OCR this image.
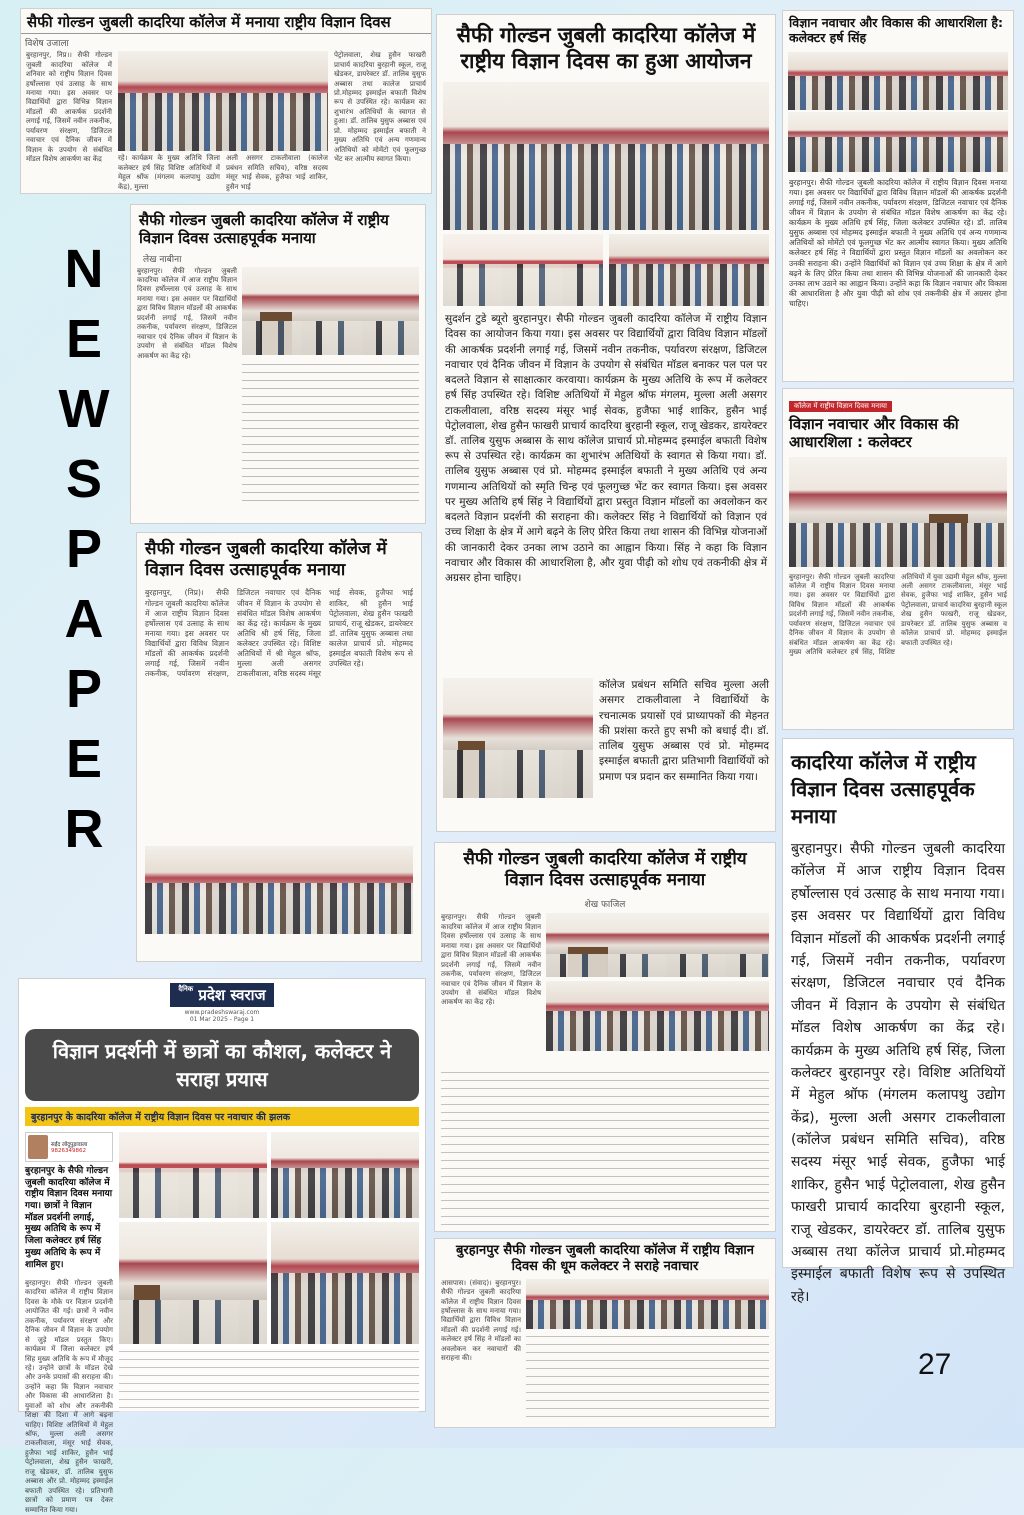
N
E
W
S
P
A
P
E
R
सैफी गोल्डन जुबली कादरिया कॉलेज में मनाया राष्ट्रीय विज्ञान दिवस
विशेष उजाला
बुरहानपुर, निप्र।। सैफी गोल्डन जुबली कादरिया कॉलेज में शनिवार को राष्ट्रीय विज्ञान दिवस हर्षोल्लास एवं उत्साह के साथ मनाया गया। इस अवसर पर विद्यार्थियों द्वारा विभिन्न विज्ञान मॉडलों की आकर्षक प्रदर्शनी लगाई गई, जिसमें नवीन तकनीक, पर्यावरण संरक्षण, डिजिटल नवाचार एवं दैनिक जीवन में विज्ञान के उपयोग से संबंधित मॉडल विशेष आकर्षण का केंद्र	रहे। कार्यक्रम के मुख्य अतिथि जिला कलेक्टर हर्ष सिंह विशिष्ट अतिथियों में मेहुल श्रॉफ (मंगलम कलपाथु उद्योग केंद्र), मुल्ला
अली असगर टाकलीवाला (कालेज प्रबंधन समिति सचिव), वरिष्ठ सदस्य मंसूर भाई सेवक, हुजैफा भाई शाकिर, हुसैन भाई
पेट्रोलवाला, शेख हुसैन फाखरी प्राचार्य कादरिया बुरहानी स्कूल, राजू खेडकर, डायरेक्टर डॉ. तालिब युसुफ अब्बास तथा कालेज प्राचार्य प्रो.मोहम्मद इस्माईल बफाती विशेष रूप से उपस्थित रहे। कार्यक्रम का शुभारंभ अतिथियों के स्वागत से हुआ। डॉ. तालिब युसुफ अब्बास एवं प्रो. मोहम्मद इस्माईल बफाती ने मुख्य अतिथि एवं अन्य गणमान्य अतिथियों को मोमेंटो एवं फूलगुच्छ भेंट कर आत्मीय स्वागत किया।
सैफी गोल्डन जुबली कादरिया कॉलेज में राष्ट्रीय विज्ञान दिवस का हुआ आयोजन
सुदर्शन टुडे ब्यूरो बुरहानपुर। सैफी गोल्डन जुबली कादरिया कॉलेज में राष्ट्रीय विज्ञान दिवस का आयोजन किया गया। इस अवसर पर विद्यार्थियों द्वारा विविध विज्ञान मॉडलों की आकर्षक प्रदर्शनी लगाई गई, जिसमें नवीन तकनीक, पर्यावरण संरक्षण, डिजिटल नवाचार एवं दैनिक जीवन में विज्ञान के उपयोग से संबंधित मॉडल बनाकर पल पल पर बदलते विज्ञान से साक्षात्कार करवाया। कार्यक्रम के मुख्य अतिथि के रूप में कलेक्टर हर्ष सिंह उपस्थित रहे। विशिष्ट अतिथियों में मेहुल श्रॉफ मंगलम, मुल्ला अली असगर टाकलीवाला, वरिष्ठ सदस्य मंसूर भाई सेवक, हुजैफा भाई शाकिर, हुसैन भाई पेट्रोलवाला, शेख हुसैन फाखरी प्राचार्य कादरिया बुरहानी स्कूल, राजू खेडकर, डायरेक्टर डॉ. तालिब युसुफ अब्बास के साथ कॉलेज प्राचार्य प्रो.मोहम्मद इस्माईल बफाती विशेष रूप से उपस्थित रहे। कार्यक्रम का शुभारंभ अतिथियों के स्वागत से किया गया। डॉ. तालिब युसुफ अब्बास एवं प्रो. मोहम्मद इस्माईल बफाती ने मुख्य अतिथि एवं अन्य गणमान्य अतिथियों को स्मृति चिन्ह एवं फूलगुच्छ भेंट कर स्वागत किया। इस अवसर पर मुख्य अतिथि हर्ष सिंह ने विद्यार्थियों द्वारा प्रस्तुत विज्ञान मॉडलों का अवलोकन कर बदलते विज्ञान प्रदर्शनी की सराहना की। कलेक्टर सिंह ने विद्यार्थियों को विज्ञान एवं उच्च शिक्षा के क्षेत्र में आगे बढ़ने के लिए प्रेरित किया तथा शासन की विभिन्न योजनाओं की जानकारी देकर उनका लाभ उठाने का आह्वान किया। सिंह ने कहा कि विज्ञान नवाचार और विकास की आधारशिला है, और युवा पीढ़ी को शोध एवं तकनीकी क्षेत्र में अग्रसर होना चाहिए।
कॉलेज प्रबंधन समिति सचिव मुल्ला अली असगर टाकलीवाला ने विद्यार्थियों के रचनात्मक प्रयासों एवं प्राध्यापकों की मेहनत की प्रशंसा करते हुए सभी को बधाई दी। डॉ. तालिब युसुफ अब्बास एवं प्रो. मोहम्मद इस्माईल बफाती द्वारा प्रतिभागी विद्यार्थियों को प्रमाण पत्र प्रदान कर सम्मानित किया गया।
विज्ञान नवाचार और विकास की आधारशिला है: कलेक्टर हर्ष सिंह
बुरहानपुर। सैफी गोल्डन जुबली कादरिया कॉलेज में राष्ट्रीय विज्ञान दिवस मनाया गया। इस अवसर पर विद्यार्थियों द्वारा विविध विज्ञान मॉडलों की आकर्षक प्रदर्शनी लगाई गई, जिसमें नवीन तकनीक, पर्यावरण संरक्षण, डिजिटल नवाचार एवं दैनिक जीवन में विज्ञान के उपयोग से संबंधित मॉडल विशेष आकर्षण का केंद्र रहे। कार्यक्रम के मुख्य अतिथि हर्ष सिंह, जिला कलेक्टर उपस्थित रहे। डॉ. तालिब युसुफ अब्बास एवं मोहम्मद इस्माईल बफाती ने मुख्य अतिथि एवं अन्य गणमान्य अतिथियों को मोमेंटो एवं फूलगुच्छ भेंट कर आत्मीय स्वागत किया। मुख्य अतिथि कलेक्टर हर्ष सिंह ने विद्यार्थियों द्वारा प्रस्तुत विज्ञान मॉडलों का अवलोकन कर उनकी सराहना की। उन्होंने विद्यार्थियों को विज्ञान एवं उच्च शिक्षा के क्षेत्र में आगे बढ़ने के लिए प्रेरित किया तथा शासन की विभिन्न योजनाओं की जानकारी देकर उनका लाभ उठाने का आह्वान किया। उन्होंने कहा कि विज्ञान नवाचार और विकास की आधारशिला है और युवा पीढ़ी को शोध एवं तकनीकी क्षेत्र में अग्रसर होना चाहिए।
सैफी गोल्डन जुबली कादरिया कॉलेज में राष्ट्रीय विज्ञान दिवस उत्साहपूर्वक मनाया
लेख नाबीना
बुरहानपुर। सैफी गोल्डन जुबली कादरिया कॉलेज में आज राष्ट्रीय विज्ञान दिवस हर्षोल्लास एवं उत्साह के साथ मनाया गया। इस अवसर पर विद्यार्थियों द्वारा विविध विज्ञान मॉडलों की आकर्षक प्रदर्शनी लगाई गई, जिसमें नवीन तकनीक, पर्यावरण संरक्षण, डिजिटल नवाचार एवं दैनिक जीवन में विज्ञान के उपयोग से संबंधित मॉडल विशेष आकर्षण का केंद्र रहे।
सैफी गोल्डन जुबली कादरिया कॉलेज में विज्ञान दिवस उत्साहपूर्वक मनाया
बुरहानपुर, (निप्र)। सैफी गोल्डन जुबली कादरिया कॉलेज में आज राष्ट्रीय विज्ञान दिवस हर्षोल्लास एवं उत्साह के साथ मनाया गया। इस अवसर पर विद्यार्थियों द्वारा विविध विज्ञान मॉडलों की आकर्षक प्रदर्शनी लगाई गई, जिसमें नवीन तकनीक, पर्यावरण संरक्षण, डिजिटल नवाचार एवं दैनिक जीवन में विज्ञान के उपयोग से संबंधित मॉडल विशेष आकर्षण का केंद्र रहे। कार्यक्रम के मुख्य अतिथि श्री हर्ष सिंह, जिला कलेक्टर उपस्थित रहे। विशिष्ट अतिथियों में श्री मेहुल श्रॉफ, मुल्ला अली असगर टाकलीवाला, वरिष्ठ सदस्य मंसूर भाई सेवक, हुजैफा भाई शाकिर, श्री हुसैन भाई पेट्रोलवाला, शेख हुसैन फाखरी प्राचार्य, राजू खेडकर, डायरेक्टर डॉ. तालिब युसुफ अब्बास तथा कालेज प्राचार्य प्रो. मोहम्मद इस्माईल बफाती विशेष रूप से उपस्थित रहे।
कॉलेज में राष्ट्रीय विज्ञान दिवस मनाया
विज्ञान नवाचार और विकास की आधारशिला : कलेक्टर
बुरहानपुर। सैफी गोल्डन जुबली कादरिया कॉलेज में राष्ट्रीय विज्ञान दिवस मनाया गया। इस अवसर पर विद्यार्थियों द्वारा विविध विज्ञान मॉडलों की आकर्षक प्रदर्शनी लगाई गई, जिसमें नवीन तकनीक, पर्यावरण संरक्षण, डिजिटल नवाचार एवं दैनिक जीवन में विज्ञान के उपयोग से संबंधित मॉडल आकर्षण का केंद्र रहे। मुख्य अतिथि कलेक्टर हर्ष सिंह, विशिष्ट अतिथियों में युवा उद्यमी मेहुल श्रॉफ, मुल्ला अली असगर टाकलीवाला, मंसूर भाई सेवक, हुजैफा भाई शाकिर, हुसैन भाई पेट्रोलवाला, प्राचार्य कादरिया बुरहानी स्कूल शेख हुसैन फाखरी, राजू खेडकर, डायरेक्टर डॉ. तालिब युसुफ अब्बास व कॉलेज प्राचार्य प्रो. मोहम्मद इस्माईल बफाती उपस्थित रहे।
कादरिया कॉलेज में राष्ट्रीय विज्ञान दिवस उत्साहपूर्वक मनाया
बुरहानपुर। सैफी गोल्डन जुबली कादरिया कॉलेज में आज राष्ट्रीय विज्ञान दिवस हर्षोल्लास एवं उत्साह के साथ मनाया गया। इस अवसर पर विद्यार्थियों द्वारा विविध विज्ञान मॉडलों की आकर्षक प्रदर्शनी लगाई गई, जिसमें नवीन तकनीक, पर्यावरण संरक्षण, डिजिटल नवाचार एवं दैनिक जीवन में विज्ञान के उपयोग से संबंधित मॉडल विशेष आकर्षण का केंद्र रहे। कार्यक्रम के मुख्य अतिथि हर्ष सिंह, जिला कलेक्टर बुरहानपुर रहे। विशिष्ट अतिथियों में मेहुल श्रॉफ (मंगलम कलापथु उद्योग केंद्र), मुल्ला अली असगर टाकलीवाला (कॉलेज प्रबंधन समिति सचिव), वरिष्ठ सदस्य मंसूर भाई सेवक, हुजैफा भाई शाकिर, हुसैन भाई पेट्रोलवाला, शेख हुसैन फाखरी प्राचार्य कादरिया बुरहानी स्कूल, राजू खेडकर, डायरेक्टर डॉ. तालिब युसुफ अब्बास तथा कॉलेज प्राचार्य प्रो.मोहम्मद इस्माईल बफाती विशेष रूप से उपस्थित रहे।
$^{दैनिक}$ प्रदेश स्वराज
www.pradeshswaraj.com
01 Mar 2025 - Page 1
विज्ञान प्रदर्शनी में छात्रों का कौशल, कलेक्टर ने सराहा प्रयास
बुरहानपुर के कादरिया कॉलेज में राष्ट्रीय विज्ञान दिवस पर नवाचार की झलक
सईद लोदुपुड़ावाला
9826349862
बुरहानपुर के सैफी गोल्डन जुबली कादरिया कॉलेज में राष्ट्रीय विज्ञान दिवस मनाया गया। छात्रों ने विज्ञान मॉडल प्रदर्शनी लगाई, मुख्य अतिथि के रूप में जिला कलेक्टर हर्ष सिंह मुख्य अतिथि के रूप में शामिल हुए।
बुरहानपुर। सैफी गोल्डन जुबली कादरिया कॉलेज में राष्ट्रीय विज्ञान दिवस के मौके पर विज्ञान प्रदर्शनी आयोजित की गई। छात्रों ने नवीन तकनीक, पर्यावरण संरक्षण और दैनिक जीवन में विज्ञान के उपयोग से जुड़े मॉडल प्रस्तुत किए। कार्यक्रम में जिला कलेक्टर हर्ष सिंह मुख्य अतिथि के रूप में मौजूद रहे। उन्होंने छात्रों के मॉडल देखे और उनके प्रयासों की सराहना की। उन्होंने कहा कि विज्ञान नवाचार और विकास की आधारशिला है। युवाओं को शोध और तकनीकी शिक्षा की दिशा में आगे बढ़ना चाहिए। विशिष्ट अतिथियों में मेहुल श्रॉफ, मुल्ला अली असगर टाकलीवाला, मंसूर भाई सेवक, हुजैफा भाई शाकिर, हुसैन भाई पेट्रोलवाला, शेख हुसैन फाखरी, राजू खेडकर, डॉ. तालिब युसुफ अब्बास और प्रो. मोहम्मद इस्माईल बफाती उपस्थित रहे। प्रतिभागी छात्रों को प्रमाण पत्र देकर सम्मानित किया गया।
सैफी गोल्डन जुबली कादरिया कॉलेज में राष्ट्रीय विज्ञान दिवस उत्साहपूर्वक मनाया
शेख फाजिल
बुरहानपुर। सैफी गोल्डन जुबली कादरिया कॉलेज में आज राष्ट्रीय विज्ञान दिवस हर्षोल्लास एवं उत्साह के साथ मनाया गया। इस अवसर पर विद्यार्थियों द्वारा विविध विज्ञान मॉडलों की आकर्षक प्रदर्शनी लगाई गई, जिसमें नवीन तकनीक, पर्यावरण संरक्षण, डिजिटल नवाचार एवं दैनिक जीवन में विज्ञान के उपयोग से संबंधित मॉडल विशेष आकर्षण का केंद्र रहे।
बुरहानपुर सैफी गोल्डन जुबली कादरिया कॉलेज में राष्ट्रीय विज्ञान दिवस की धूम कलेक्टर ने सराहे नवाचार
आसपास। (संवाद)। बुरहानपुर। सैफी गोल्डन जुबली कादरिया कॉलेज में राष्ट्रीय विज्ञान दिवस हर्षोल्लास के साथ मनाया गया। विद्यार्थियों द्वारा विविध विज्ञान मॉडलों की प्रदर्शनी लगाई गई। कलेक्टर हर्ष सिंह ने मॉडलों का अवलोकन कर नवाचारों की सराहना की।	27
